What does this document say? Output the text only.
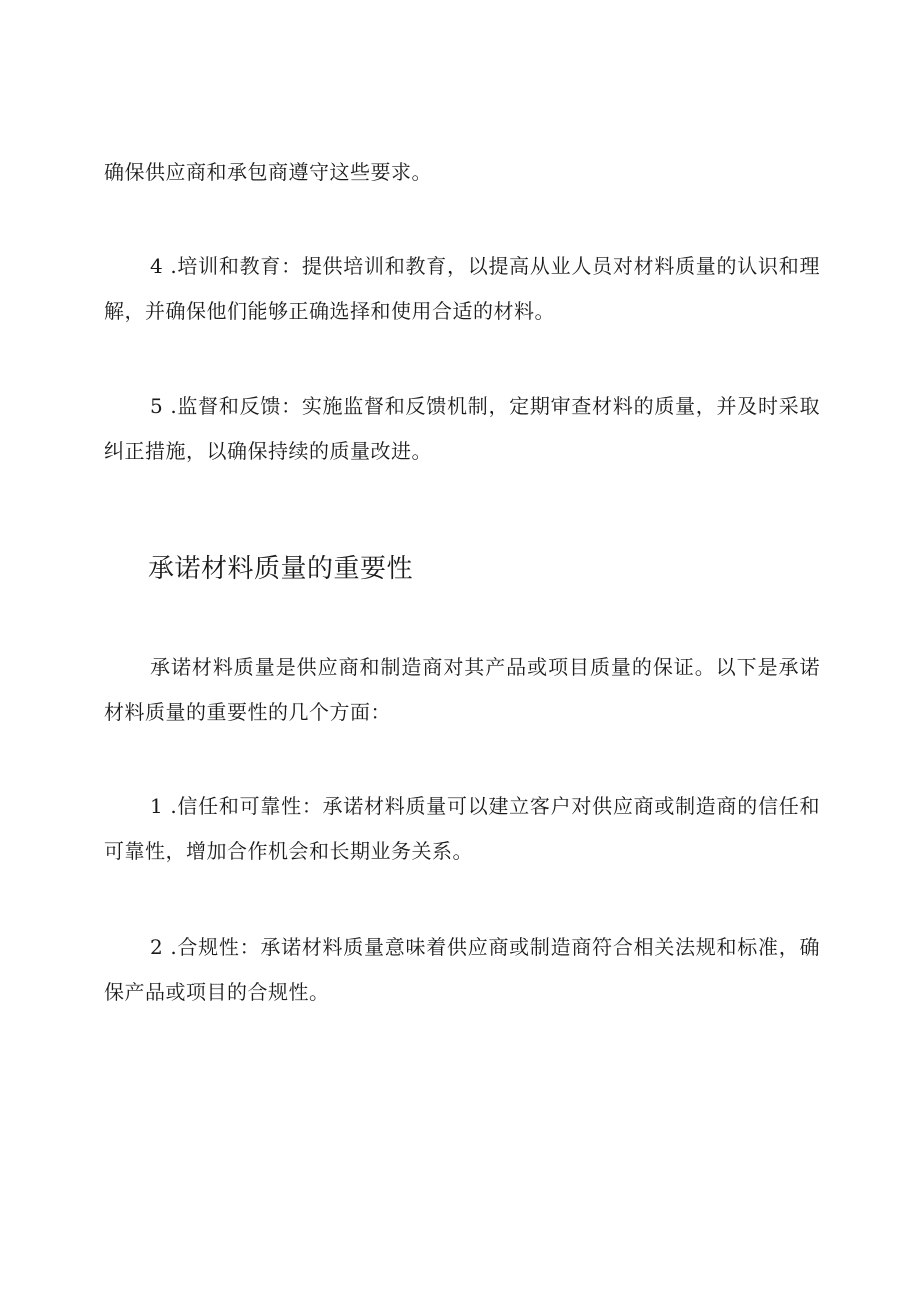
确保供应商和承包商遵守这些要求。

4 .培训和教育：提供培训和教育，以提高从业人员对材料质量的认识和理解，并确保他们能够正确选择和使用合适的材料。

5 .监督和反馈：实施监督和反馈机制，定期审查材料的质量，并及时采取纠正措施，以确保持续的质量改进。

承诺材料质量的重要性

承诺材料质量是供应商和制造商对其产品或项目质量的保证。以下是承诺材料质量的重要性的几个方面：

1 .信任和可靠性：承诺材料质量可以建立客户对供应商或制造商的信任和可靠性，增加合作机会和长期业务关系。

2 .合规性：承诺材料质量意味着供应商或制造商符合相关法规和标准，确保产品或项目的合规性。
